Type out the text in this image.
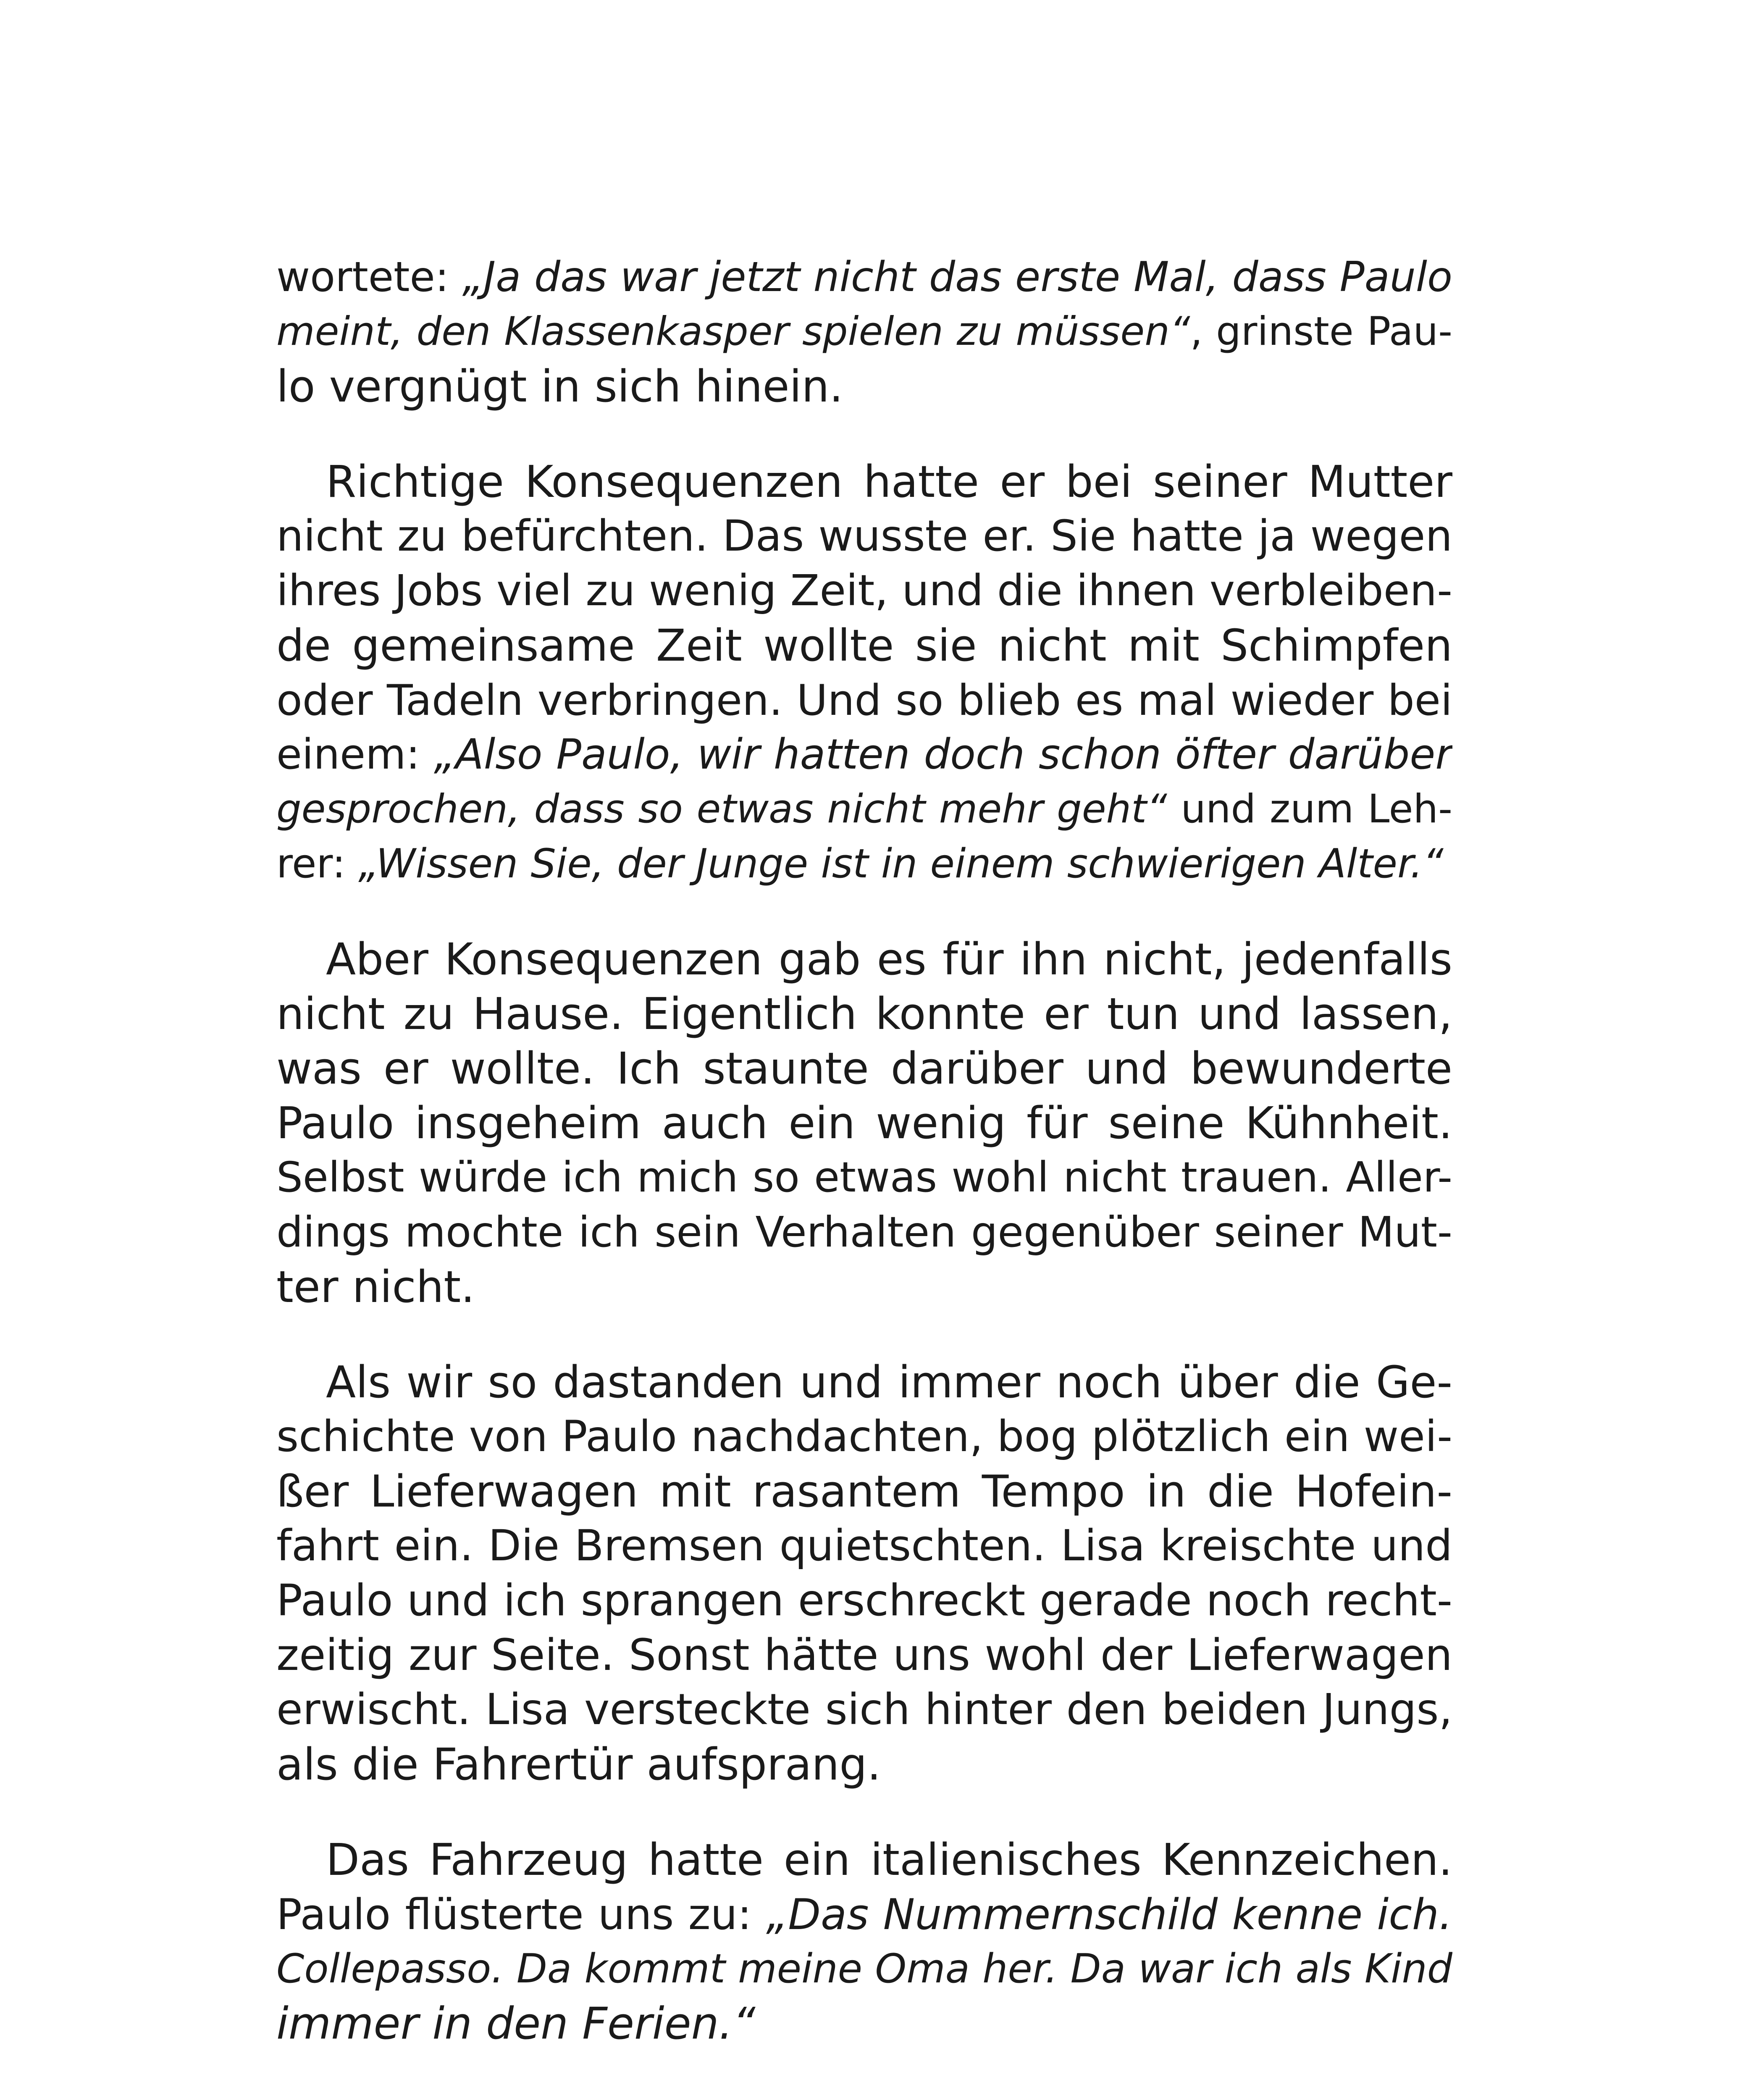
wortete: „Ja das war jetzt nicht das erste Mal, dass Paulo
meint, den Klassenkasper spielen zu müssen“, grinste Pau-
lo vergnügt in sich hinein.
Richtige Konsequenzen hatte er bei seiner Mutter
nicht zu befürchten. Das wusste er. Sie hatte ja wegen
ihres Jobs viel zu wenig Zeit, und die ihnen verbleiben-
de gemeinsame Zeit wollte sie nicht mit Schimpfen
oder Tadeln verbringen. Und so blieb es mal wieder bei
einem: „Also Paulo, wir hatten doch schon öfter darüber
gesprochen, dass so etwas nicht mehr geht“ und zum Leh-
rer: „Wissen Sie, der Junge ist in einem schwierigen Alter.“
Aber Konsequenzen gab es für ihn nicht, jedenfalls
nicht zu Hause. Eigentlich konnte er tun und lassen,
was er wollte. Ich staunte darüber und bewunderte
Paulo insgeheim auch ein wenig für seine Kühnheit.
Selbst würde ich mich so etwas wohl nicht trauen. Aller-
dings mochte ich sein Verhalten gegenüber seiner Mut-
ter nicht.
Als wir so dastanden und immer noch über die Ge-
schichte von Paulo nachdachten, bog plötzlich ein wei-
ßer Lieferwagen mit rasantem Tempo in die Hofein-
fahrt ein. Die Bremsen quietschten. Lisa kreischte und
Paulo und ich sprangen erschreckt gerade noch recht-
zeitig zur Seite. Sonst hätte uns wohl der Lieferwagen
erwischt. Lisa versteckte sich hinter den beiden Jungs,
als die Fahrertür aufsprang.
Das Fahrzeug hatte ein italienisches Kennzeichen.
Paulo flüsterte uns zu: „Das Nummernschild kenne ich.
Collepasso. Da kommt meine Oma her. Da war ich als Kind
immer in den Ferien.“
